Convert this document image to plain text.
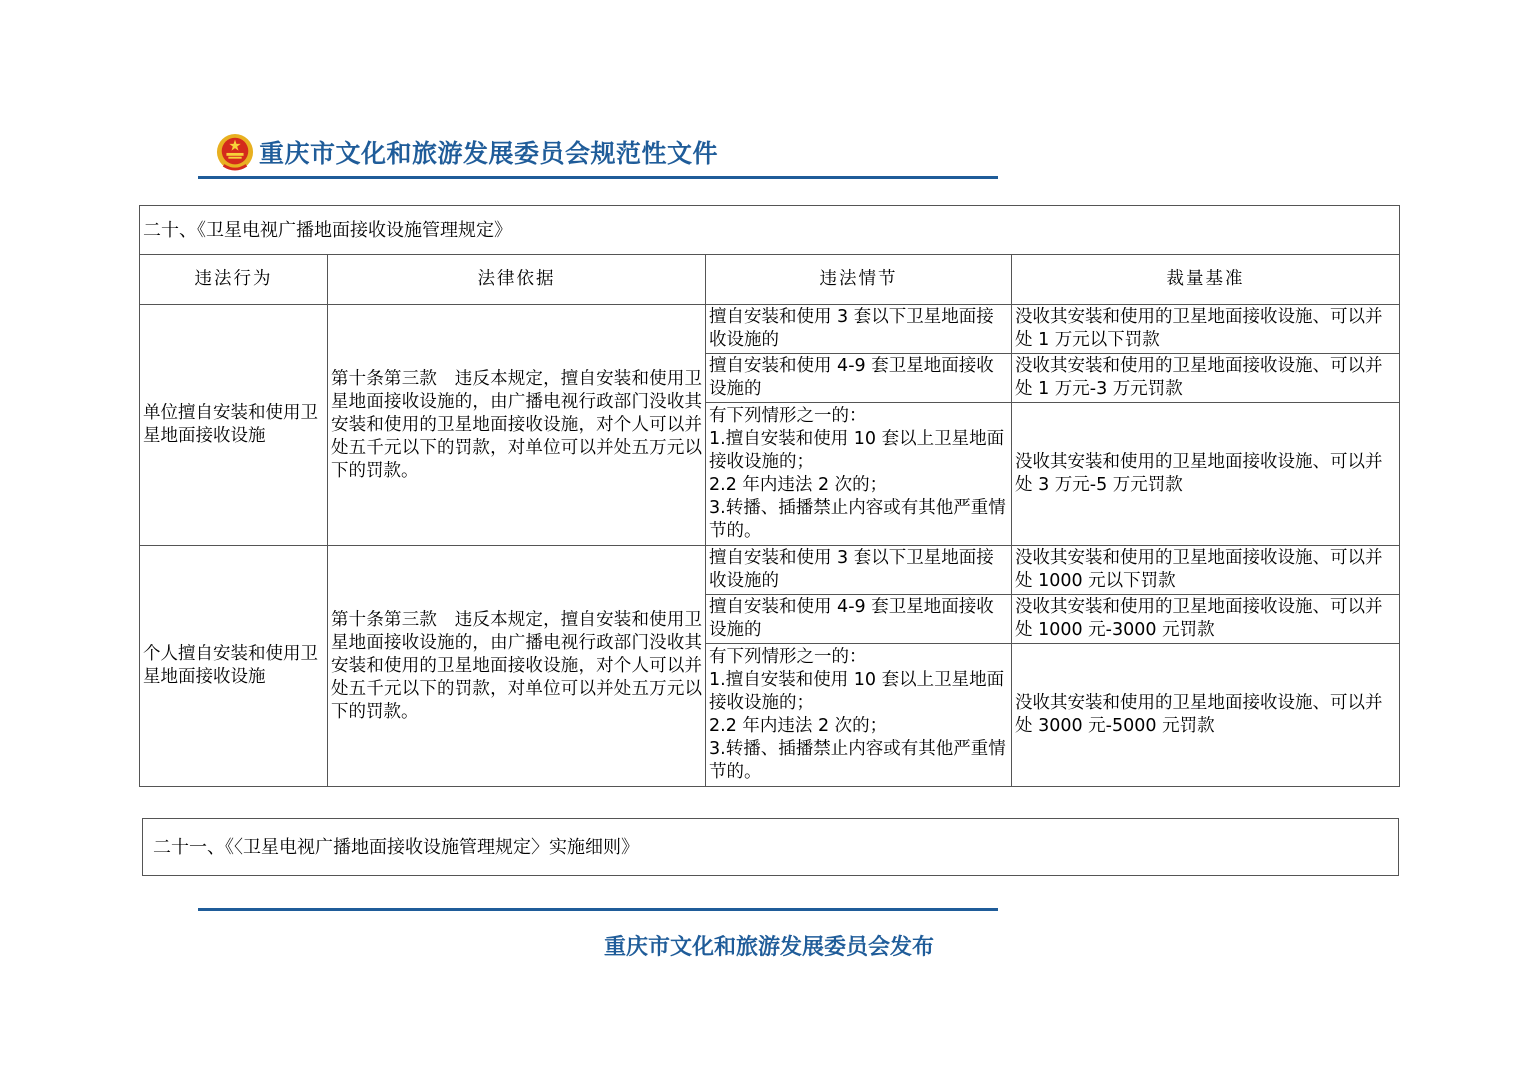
重庆市文化和旅游发展委员会规范性文件
二十、《卫星电视广播地面接收设施管理规定》			
违法行为	法律依据	违法情节	裁量基准
单位擅自安装和使用卫星地面接收设施	第十条第三款　违反本规定，擅自安装和使用卫星地面接收设施的，由广播电视行政部门没收其安装和使用的卫星地面接收设施，对个人可以并处五千元以下的罚款，对单位可以并处五万元以下的罚款。	擅自安装和使用 3 套以下卫星地面接收设施的	没收其安装和使用的卫星地面接收设施、可以并处 1 万元以下罚款
		擅自安装和使用 4-9 套卫星地面接收设施的	没收其安装和使用的卫星地面接收设施、可以并处 1 万元-3 万元罚款
		有下列情形之一的：
1.擅自安装和使用 10 套以上卫星地面接收设施的；
2.2 年内违法 2 次的；
3.转播、插播禁止内容或有其他严重情节的。	没收其安装和使用的卫星地面接收设施、可以并处 3 万元-5 万元罚款
个人擅自安装和使用卫星地面接收设施	第十条第三款　违反本规定，擅自安装和使用卫星地面接收设施的，由广播电视行政部门没收其安装和使用的卫星地面接收设施，对个人可以并处五千元以下的罚款，对单位可以并处五万元以下的罚款。	擅自安装和使用 3 套以下卫星地面接收设施的	没收其安装和使用的卫星地面接收设施、可以并处 1000 元以下罚款
		擅自安装和使用 4-9 套卫星地面接收设施的	没收其安装和使用的卫星地面接收设施、可以并处 1000 元-3000 元罚款
		有下列情形之一的：
1.擅自安装和使用 10 套以上卫星地面接收设施的；
2.2 年内违法 2 次的；
3.转播、插播禁止内容或有其他严重情节的。	没收其安装和使用的卫星地面接收设施、可以并处 3000 元-5000 元罚款
二十一、《〈卫星电视广播地面接收设施管理规定〉实施细则》
重庆市文化和旅游发展委员会发布
